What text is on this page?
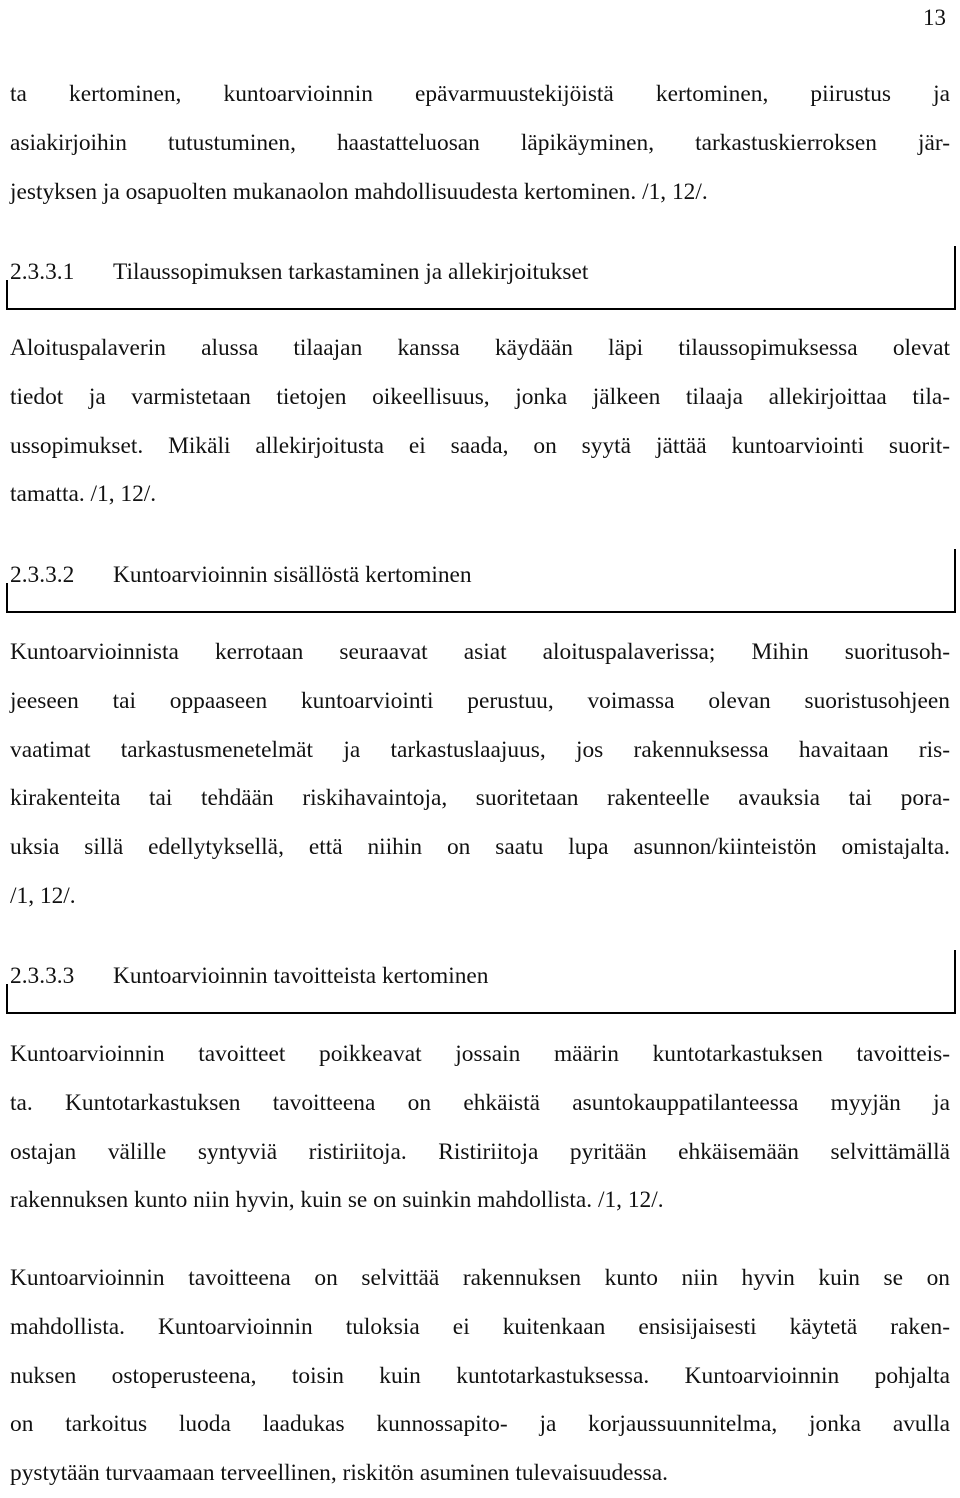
13
ta kertominen, kuntoarvioinnin epävarmuustekijöistä kertominen, piirustus ja
asiakirjoihin tutustuminen, haastatteluosan läpikäyminen, tarkastuskierroksen jär-
jestyksen ja osapuolten mukanaolon mahdollisuudesta kertominen. /1, 12/.
2.3.3.1 Tilaussopimuksen tarkastaminen ja allekirjoitukset
Aloituspalaverin alussa tilaajan kanssa käydään läpi tilaussopimuksessa olevat
tiedot ja varmistetaan tietojen oikeellisuus, jonka jälkeen tilaaja allekirjoittaa tila-
ussopimukset. Mikäli allekirjoitusta ei saada, on syytä jättää kuntoarviointi suorit-
tamatta. /1, 12/.
2.3.3.2 Kuntoarvioinnin sisällöstä kertominen
Kuntoarvioinnista kerrotaan seuraavat asiat aloituspalaverissa; Mihin suoritusoh-
jeeseen tai oppaaseen kuntoarviointi perustuu, voimassa olevan suoristusohjeen
vaatimat tarkastusmenetelmät ja tarkastuslaajuus, jos rakennuksessa havaitaan ris-
kirakenteita tai tehdään riskihavaintoja, suoritetaan rakenteelle avauksia tai pora-
uksia sillä edellytyksellä, että niihin on saatu lupa asunnon/kiinteistön omistajalta.
/1, 12/.
2.3.3.3 Kuntoarvioinnin tavoitteista kertominen
Kuntoarvioinnin tavoitteet poikkeavat jossain määrin kuntotarkastuksen tavoitteis-
ta. Kuntotarkastuksen tavoitteena on ehkäistä asuntokauppatilanteessa myyjän ja
ostajan välille syntyviä ristiriitoja. Ristiriitoja pyritään ehkäisemään selvittämällä
rakennuksen kunto niin hyvin, kuin se on suinkin mahdollista. /1, 12/.
Kuntoarvioinnin tavoitteena on selvittää rakennuksen kunto niin hyvin kuin se on
mahdollista. Kuntoarvioinnin tuloksia ei kuitenkaan ensisijaisesti käytetä raken-
nuksen ostoperusteena, toisin kuin kuntotarkastuksessa. Kuntoarvioinnin pohjalta
on tarkoitus luoda laadukas kunnossapito- ja korjaussuunnitelma, jonka avulla
pystytään turvaamaan terveellinen, riskitön asuminen tulevaisuudessa.
